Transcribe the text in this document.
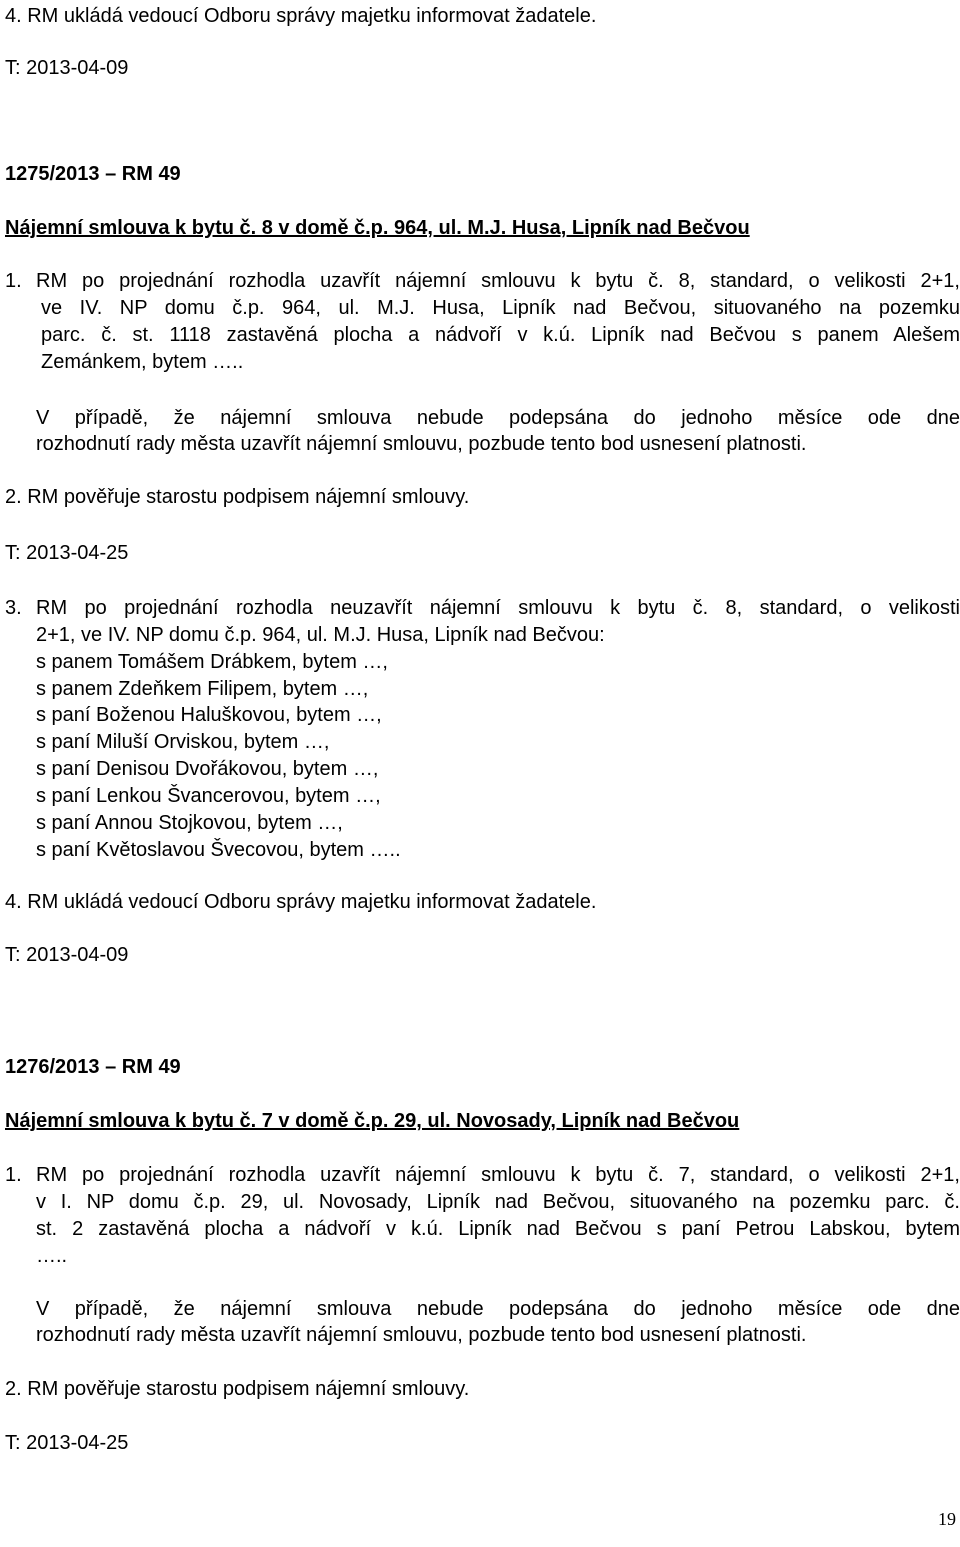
4. RM ukládá vedoucí Odboru správy majetku informovat žadatele.
T: 2013-04-09
1275/2013 – RM 49
Nájemní smlouva k bytu č. 8 v domě č.p. 964, ul. M.J. Husa, Lipník nad Bečvou
1. RM po projednání rozhodla uzavřít nájemní smlouvu k bytu č. 8, standard, o velikosti 2+1,
ve IV. NP domu č.p. 964, ul. M.J. Husa, Lipník nad Bečvou, situovaného na pozemku
parc. č. st. 1118 zastavěná plocha a nádvoří v k.ú. Lipník nad Bečvou s panem Alešem
Zemánkem, bytem …..
V případě, že nájemní smlouva nebude podepsána do jednoho měsíce ode dne
rozhodnutí rady města uzavřít nájemní smlouvu, pozbude tento bod usnesení platnosti.
2. RM pověřuje starostu podpisem nájemní smlouvy.
T: 2013-04-25
3. RM po projednání rozhodla neuzavřít nájemní smlouvu k bytu č. 8, standard, o velikosti
2+1, ve IV. NP domu č.p. 964, ul. M.J. Husa, Lipník nad Bečvou:
s panem Tomášem Drábkem, bytem …,
s panem Zdeňkem Filipem, bytem …,
s paní Boženou Haluškovou, bytem …,
s paní Miluší Orviskou, bytem …,
s paní Denisou Dvořákovou, bytem …,
s paní Lenkou Švancerovou, bytem …,
s paní Annou Stojkovou, bytem …,
s paní Květoslavou Švecovou, bytem …..
4. RM ukládá vedoucí Odboru správy majetku informovat žadatele.
T: 2013-04-09
1276/2013 – RM 49
Nájemní smlouva k bytu č. 7 v domě č.p. 29, ul. Novosady, Lipník nad Bečvou
1. RM po projednání rozhodla uzavřít nájemní smlouvu k bytu č. 7, standard, o velikosti 2+1,
v I. NP domu č.p. 29, ul. Novosady, Lipník nad Bečvou, situovaného na pozemku parc. č.
st. 2 zastavěná plocha a nádvoří v k.ú. Lipník nad Bečvou s paní Petrou Labskou, bytem
…..
V případě, že nájemní smlouva nebude podepsána do jednoho měsíce ode dne
rozhodnutí rady města uzavřít nájemní smlouvu, pozbude tento bod usnesení platnosti.
2. RM pověřuje starostu podpisem nájemní smlouvy.
T: 2013-04-25
19
